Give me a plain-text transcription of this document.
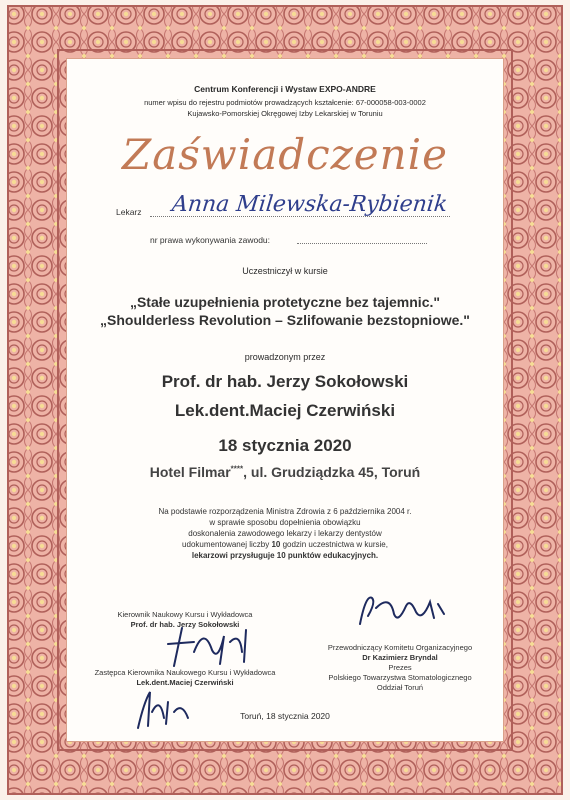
Centrum Konferencji i Wystaw EXPO-ANDRE
numer wpisu do rejestru podmiotów prowadzących kształcenie: 67-000058-003-0002
Kujawsko-Pomorskiej Okręgowej Izby Lekarskiej w Toruniu
Zaświadczenie
Lekarz Anna Milewska-Rybienik
nr prawa wykonywania zawodu:
Uczestniczył w kursie
„Stałe uzupełnienia protetyczne bez tajemnic."
„Shoulderless Revolution – Szlifowanie bezstopniowe."
prowadzonym przez
Prof. dr hab. Jerzy Sokołowski
Lek.dent.Maciej Czerwiński
18 stycznia 2020
Hotel Filmar****, ul. Grudziądzka 45, Toruń
Na podstawie rozporządzenia Ministra Zdrowia z 6 października 2004 r.
w sprawie sposobu dopełnienia obowiązku
doskonalenia zawodowego lekarzy i lekarzy dentystów
udokumentowanej liczby 10 godzin uczestnictwa w kursie,
lekarzowi przysługuje 10 punktów edukacyjnych.
Kierownik Naukowy Kursu i Wykładowca
Prof. dr hab. Jerzy Sokołowski
Zastępca Kierownika Naukowego Kursu i Wykładowca
Lek.dent.Maciej Czerwiński
Przewodniczący Komitetu Organizacyjnego
Dr Kazimierz Bryndal
Prezes
Polskiego Towarzystwa Stomatologicznego
Oddział Toruń
Toruń, 18 stycznia 2020
